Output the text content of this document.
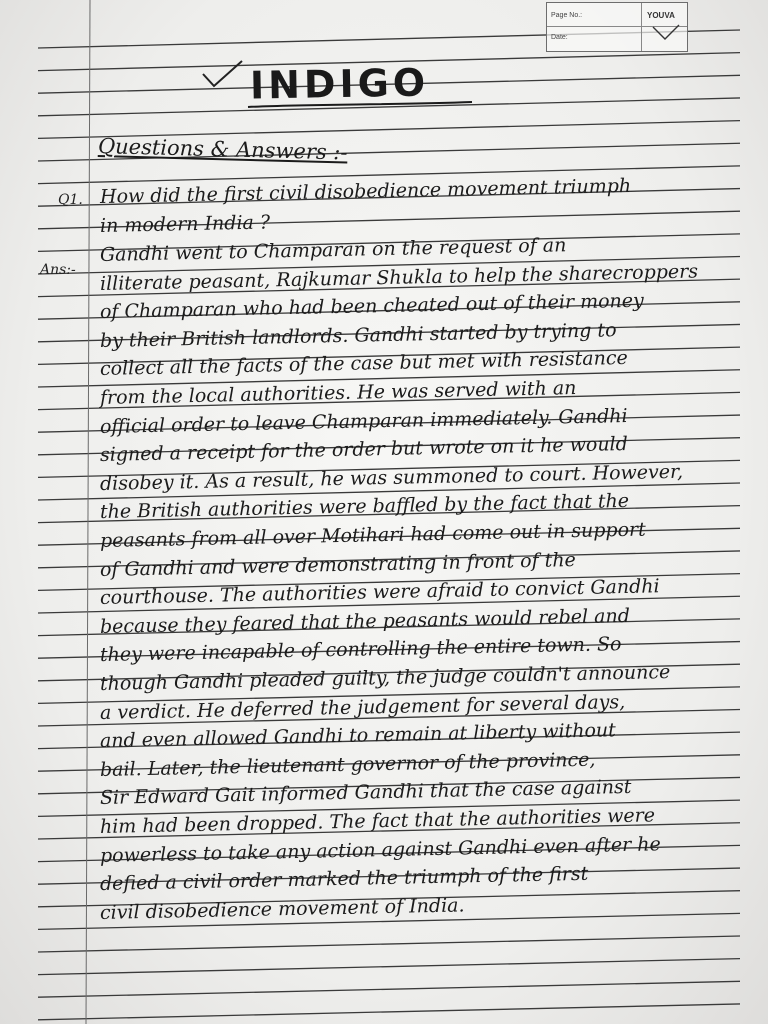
Page No.:
Date:
YOUVA
INDIGO
Questions & Answers :-
Q1.
Ans:-
How did the first civil disobedience movement triumph
in modern India ?
Gandhi went to Champaran on the request of an
illiterate peasant, Rajkumar Shukla to help the sharecroppers
of Champaran who had been cheated out of their money
by their British landlords. Gandhi started by trying to
collect all the facts of the case but met with resistance
from the local authorities. He was served with an
official order to leave Champaran immediately. Gandhi
signed a receipt for the order but wrote on it he would
disobey it. As a result, he was summoned to court. However,
the British authorities were baffled by the fact that the
peasants from all over Motihari had come out in support
of Gandhi and were demonstrating in front of the
courthouse. The authorities were afraid to convict Gandhi
because they feared that the peasants would rebel and
they were incapable of controlling the entire town. So
though Gandhi pleaded guilty, the judge couldn't announce
a verdict. He deferred the judgement for several days,
and even allowed Gandhi to remain at liberty without
bail. Later, the lieutenant governor of the province,
Sir Edward Gait informed Gandhi that the case against
him had been dropped. The fact that the authorities were
powerless to take any action against Gandhi even after he
defied a civil order marked the triumph of the first
civil disobedience movement of India.
